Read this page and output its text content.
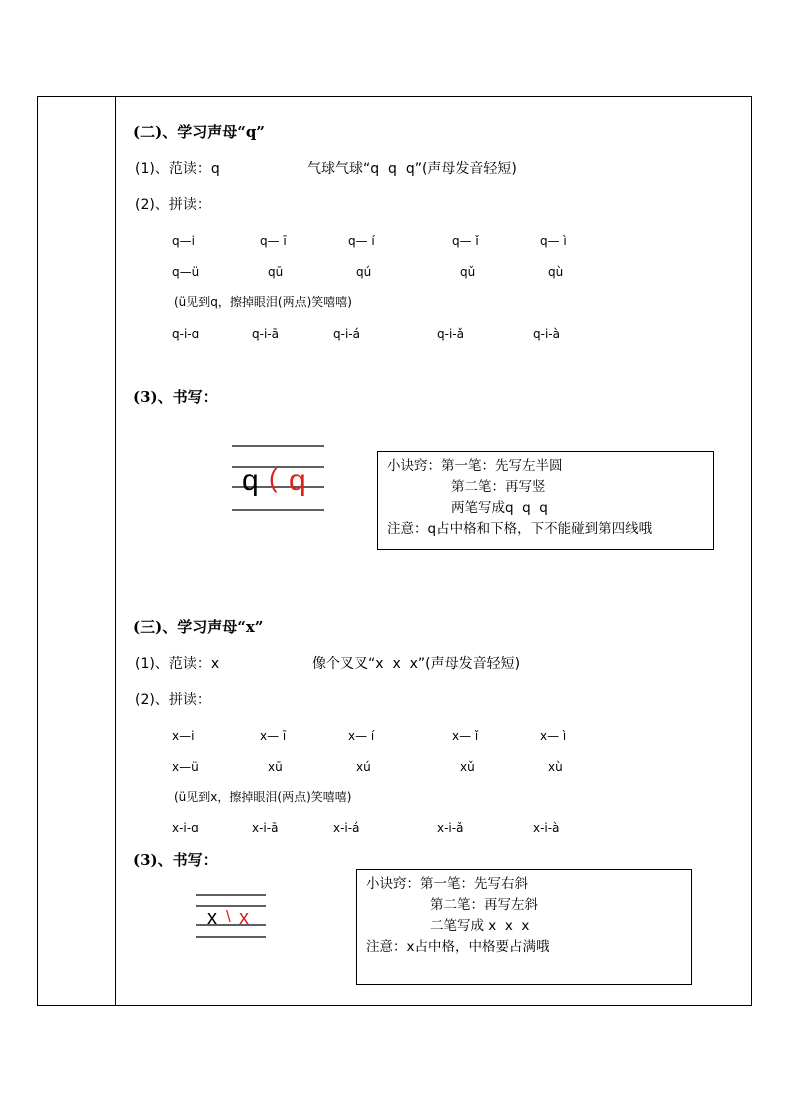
(二)、学习声母“q”
(1)、范读：q	气球气球“q  q  q”(声母发音轻短)
(2)、拼读：
q—i	q— ī	q— í	q— ǐ	q— ì
q—ü	qū	qú	qǔ	qù
(ü见到q，擦掉眼泪(两点)笑嘻嘻)
q-i-ɑ	q-i-ā	q-i-á	q-i-ǎ	q-i-à
(3)、书写：
q ( q	小诀窍：第一笔：先写左半圆
第二笔：再写竖
两笔写成q  q  q
注意：q占中格和下格，下不能碰到第四线哦
(三)、学习声母“x”
(1)、范读：x	像个叉叉“x  x  x”(声母发音轻短)
(2)、拼读：
x—i	x— ī	x— í	x— ǐ	x— ì
x—ü	xū	xú	xǔ	xù
(ü见到x，擦掉眼泪(两点)笑嘻嘻)
x-i-ɑ	x-i-ā	x-i-á	x-i-ǎ	x-i-à
(3)、书写：
x \ x
小诀窍：第一笔：先写右斜
第二笔：再写左斜
二笔写成 x  x  x
注意：x占中格，中格要占满哦
